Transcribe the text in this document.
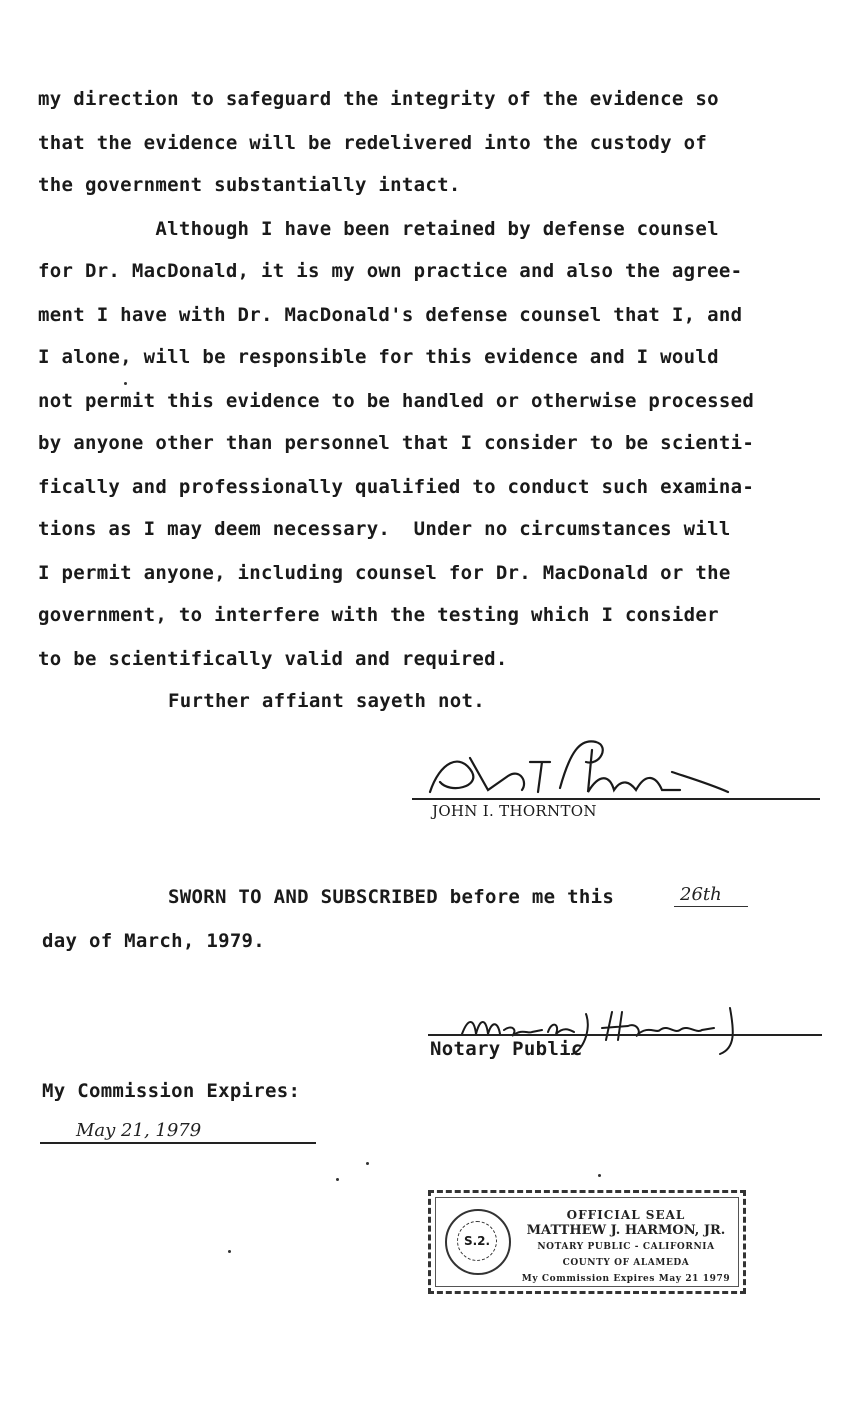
my direction to safeguard the integrity of the evidence so
that the evidence will be redelivered into the custody of
the government substantially intact.
Although I have been retained by defense counsel
for Dr. MacDonald, it is my own practice and also the agree-
ment I have with Dr. MacDonald's defense counsel that I, and
I alone, will be responsible for this evidence and I would
not permit this evidence to be handled or otherwise processed
by anyone other than personnel that I consider to be scienti-
fically and professionally qualified to conduct such examina-
tions as I may deem necessary.  Under no circumstances will
I permit anyone, including counsel for Dr. MacDonald or the
government, to interfere with the testing which I consider
to be scientifically valid and required.
Further affiant sayeth not.
JOHN I. THORNTON
SWORN TO AND SUBSCRIBED before me this	26th
day of March, 1979.
Notary Public
My Commission Expires:
May 21, 1979
S.2.
OFFICIAL SEAL
MATTHEW J. HARMON, JR.
NOTARY PUBLIC - CALIFORNIA
COUNTY OF ALAMEDA
My Commission Expires May 21 1979
